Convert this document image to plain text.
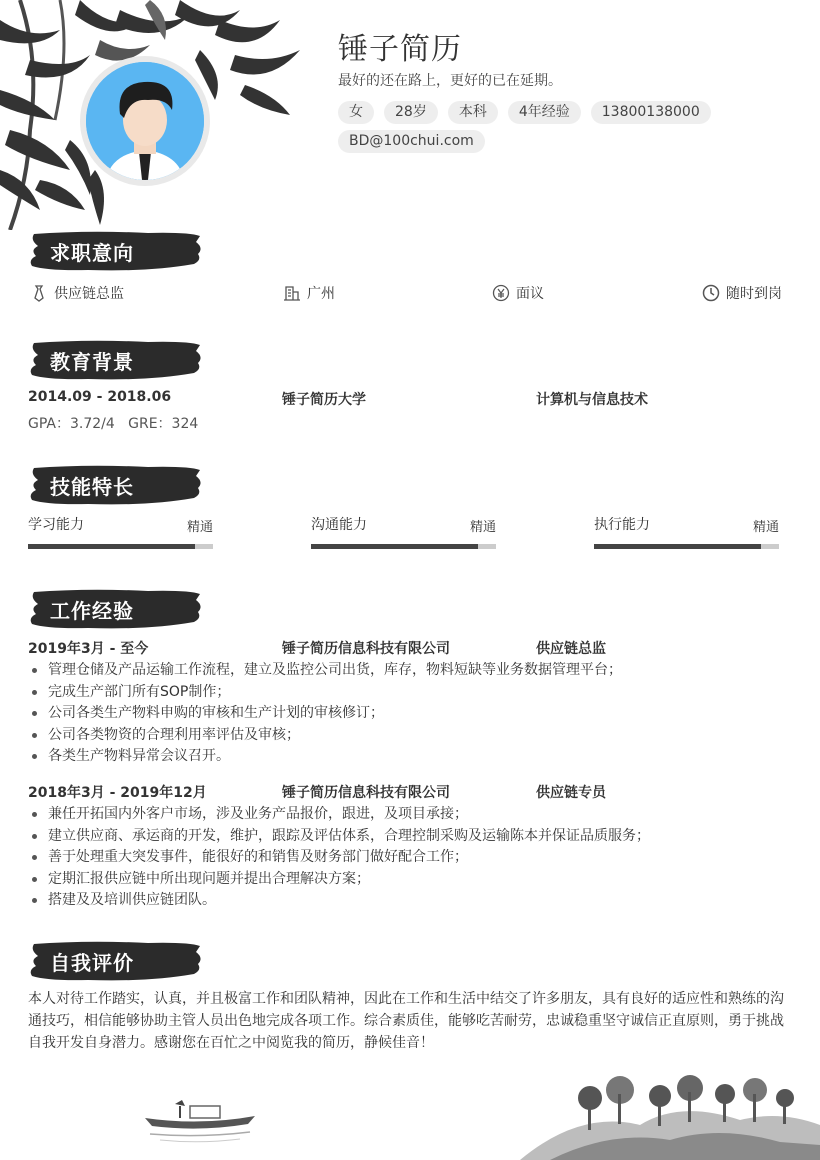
锤子简历
最好的还在路上，更好的已在延期。
女	28岁	本科	4年经验	13800138000
BD@100chui.com
求职意向
供应链总监	广州	面议	随时到岗
教育背景
2014.09 - 2018.06	锤子简历大学	计算机与信息技术
GPA：3.72/4   GRE：324
技能特长
学习能力	精通	沟通能力	精通	执行能力	精通
工作经验
2019年3月 - 至今	锤子简历信息科技有限公司	供应链总监
管理仓储及产品运输工作流程，建立及监控公司出货，库存，物料短缺等业务数据管理平台；
完成生产部门所有SOP制作；
公司各类生产物料申购的审核和生产计划的审核修订；
公司各类物资的合理利用率评估及审核；
各类生产物料异常会议召开。
2018年3月 - 2019年12月	锤子简历信息科技有限公司	供应链专员
兼任开拓国内外客户市场，涉及业务产品报价，跟进，及项目承接；
建立供应商、承运商的开发，维护，跟踪及评估体系，合理控制采购及运输陈本并保证品质服务；
善于处理重大突发事件，能很好的和销售及财务部门做好配合工作；
定期汇报供应链中所出现问题并提出合理解决方案；
搭建及及培训供应链团队。
自我评价
本人对待工作踏实，认真，并且极富工作和团队精神，因此在工作和生活中结交了许多朋友，具有良好的适应性和熟练的沟通技巧，相信能够协助主管人员出色地完成各项工作。综合素质佳，能够吃苦耐劳，忠诚稳重坚守诚信正直原则，勇于挑战自我开发自身潜力。感谢您在百忙之中阅览我的简历，静候佳音！
